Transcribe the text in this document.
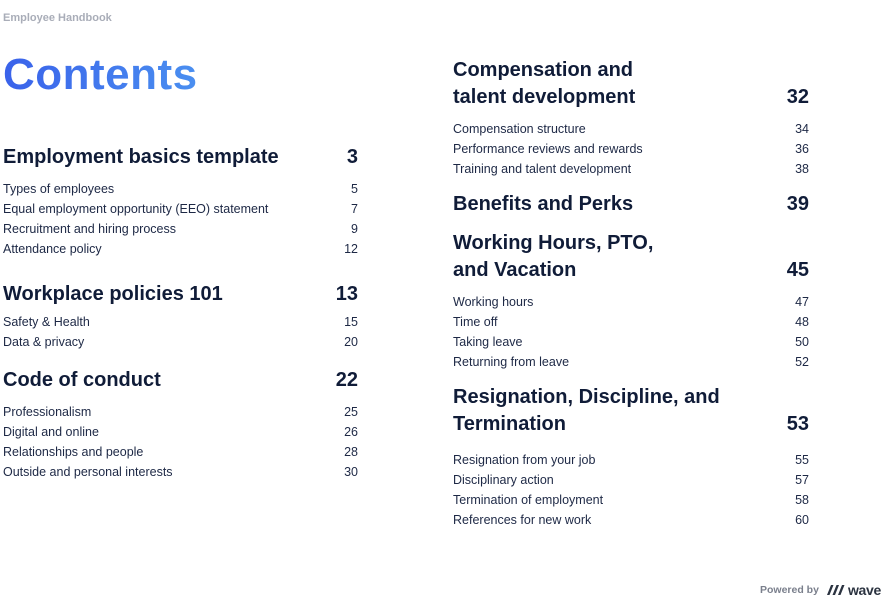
Employee Handbook
Contents
Employment basics template	3
Types of employees	5
Equal employment opportunity (EEO) statement	7
Recruitment and hiring process	9
Attendance policy	12
Workplace policies 101	13
Safety & Health	15
Data & privacy	20
Code of conduct	22
Professionalism	25
Digital and online	26
Relationships and people	28
Outside and personal interests	30
Compensation and
talent development	32
Compensation structure	34
Performance reviews and rewards	36
Training and talent development	38
Benefits and Perks	39
Working Hours, PTO,
and Vacation	45
Working hours	47
Time off	48
Taking leave	50
Returning from leave	52
Resignation, Discipline, and
Termination	53
Resignation from your job	55
Disciplinary action	57
Termination of employment	58
References for new work	60
Powered by wave
